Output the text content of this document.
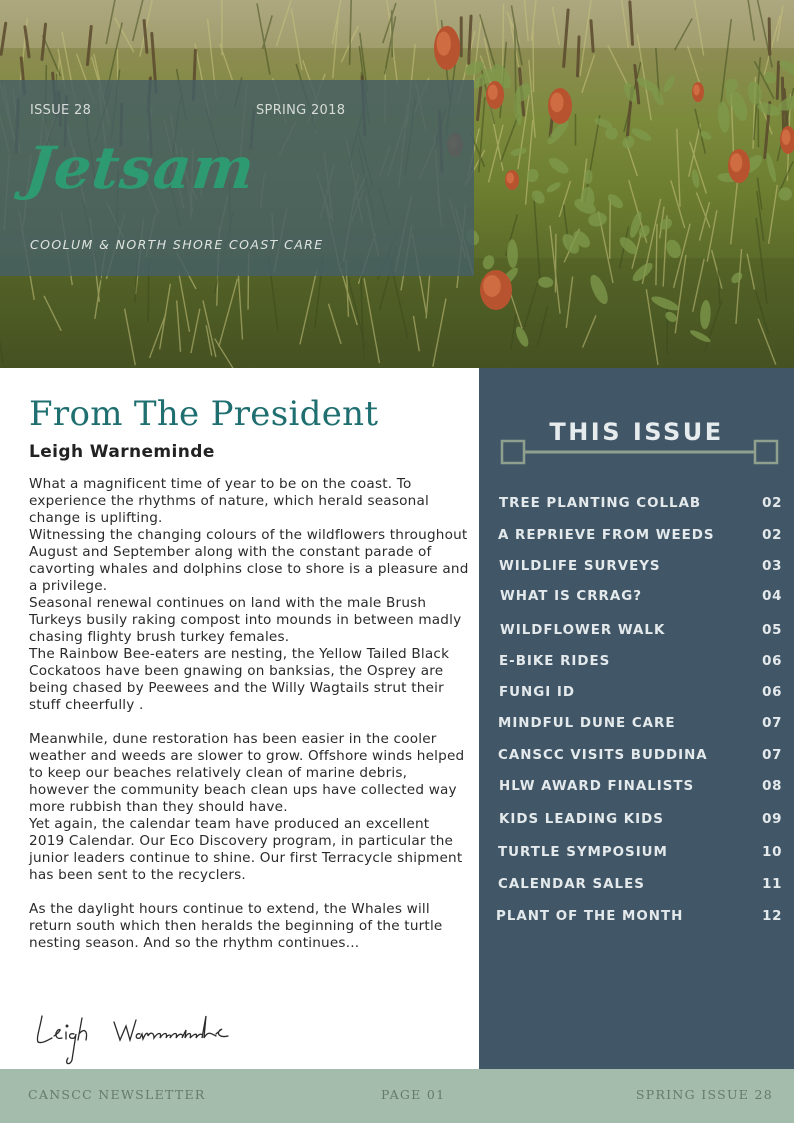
ISSUE 28	SPRING 2018
Jetsam
COOLUM & NORTH SHORE COAST CARE
From The President
Leigh Warneminde

What a magnificent time of year to be on the coast. To experience the rhythms of nature, which herald seasonal change is uplifting.

Witnessing the changing colours of the wildflowers throughout August and September along with the constant parade of cavorting whales and dolphins close to shore is a pleasure and a privilege.

Seasonal renewal continues on land with the male Brush Turkeys busily raking compost into mounds in between madly chasing flighty brush turkey females.

The Rainbow Bee-eaters are nesting, the Yellow Tailed Black Cockatoos have been gnawing on banksias, the Osprey are being chased by Peewees and the Willy Wagtails strut their stuff cheerfully .

Meanwhile, dune restoration has been easier in the cooler weather and weeds are slower to grow. Offshore winds helped to keep our beaches relatively clean of marine debris, however the community beach clean ups have collected way more rubbish than they should have.

Yet again, the calendar team have produced an excellent 2019 Calendar. Our Eco Discovery program, in particular the junior leaders continue to shine. Our first Terracycle shipment has been sent to the recyclers.

As the daylight hours continue to extend, the Whales will return south which then heralds the beginning of the turtle nesting season. And so the rhythm continues...

THIS ISSUE
TREE PLANTING COLLAB	02
A REPRIEVE FROM WEEDS	02
WILDLIFE SURVEYS	03
WHAT IS CRRAG?	04
WILDFLOWER WALK	05
E-BIKE RIDES	06
FUNGI ID	06
MINDFUL DUNE CARE	07
CANSCC VISITS BUDDINA	07
HLW AWARD FINALISTS	08
KIDS LEADING KIDS	09
TURTLE SYMPOSIUM	10
CALENDAR SALES	11
PLANT OF THE MONTH	12
CANSCC NEWSLETTER	PAGE 01	SPRING ISSUE 28
